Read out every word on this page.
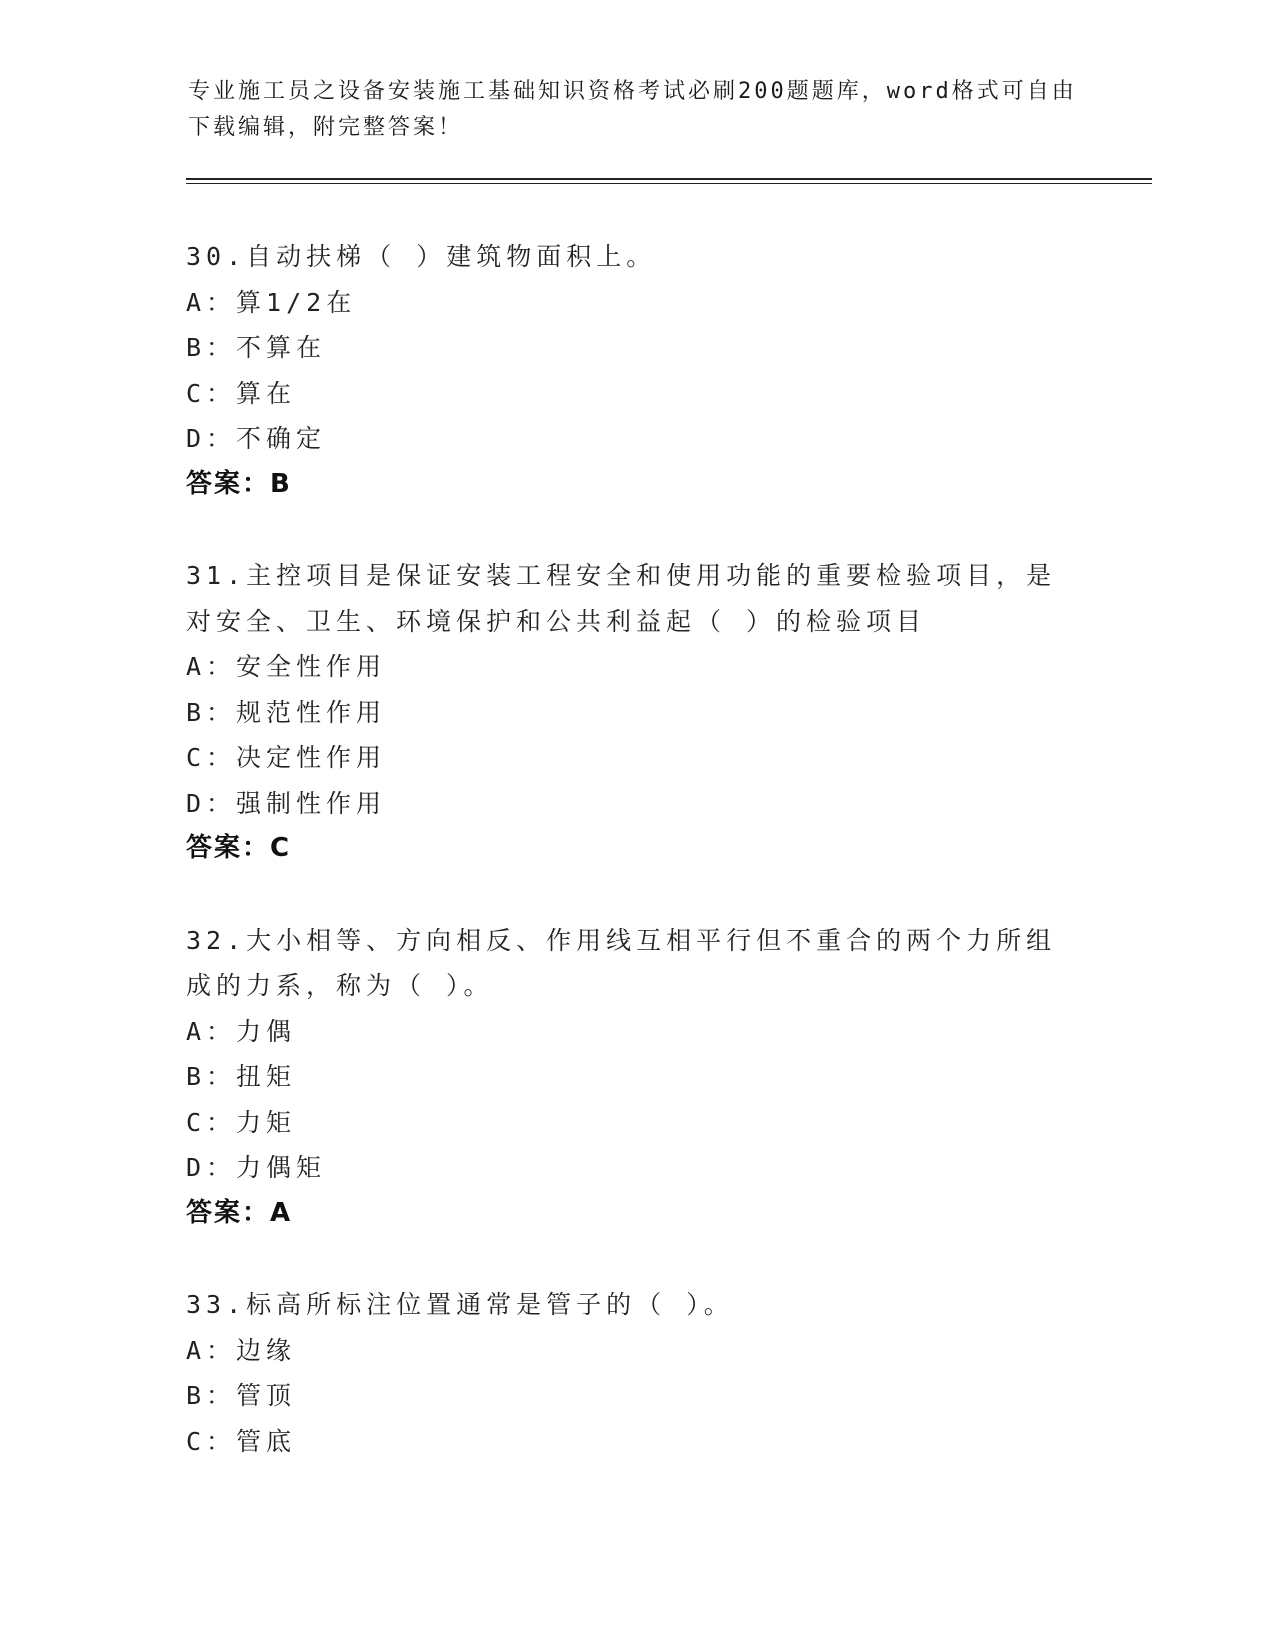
专业施工员之设备安装施工基础知识资格考试必刷200题题库，word格式可自由下载编辑，附完整答案！
30.自动扶梯（ ）建筑物面积上。
A：算1/2在
B：不算在
C：算在
D：不确定
答案：B
31.主控项目是保证安装工程安全和使用功能的重要检验项目，是对安全、卫生、环境保护和公共利益起（ ）的检验项目
A：安全性作用
B：规范性作用
C：决定性作用
D：强制性作用
答案：C
32.大小相等、方向相反、作用线互相平行但不重合的两个力所组成的力系，称为（ ）。
A：力偶
B：扭矩
C：力矩
D：力偶矩
答案：A
33.标高所标注位置通常是管子的（ ）。
A：边缘
B：管顶
C：管底
